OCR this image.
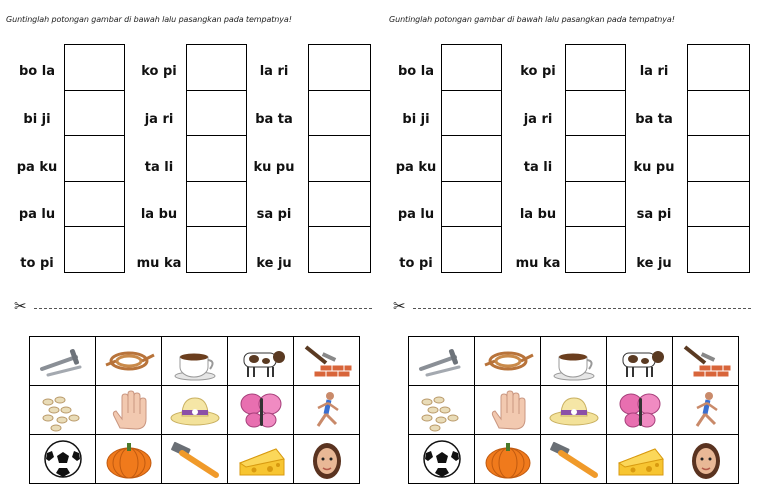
Guntinglah potongan gambar di bawah lalu pasangkan pada tempatnya!
bo la
bi ji
pa ku
pa lu
to pi
ko pi
ja ri
ta li
la bu
mu ka
la ri
ba ta
ku pu
sa pi
ke ju
✂
Guntinglah potongan gambar di bawah lalu pasangkan pada tempatnya!
bo la
bi ji
pa ku
pa lu
to pi
ko pi
ja ri
ta li
la bu
mu ka
la ri
ba ta
ku pu
sa pi
ke ju
✂
